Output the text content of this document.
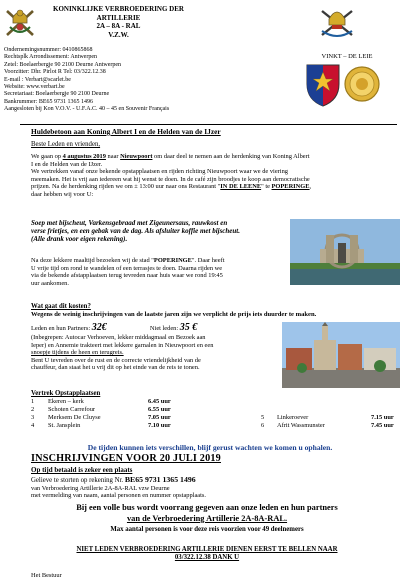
KONINKLIJKE VERBROEDERING DER ARTILLERIE
2A – 8A - RAL
V.Z.W.
Ondernemingsnummer: 0410865868
Rechtsplk Arrondissement: Antwerpen
Zetel: Boelaerbergje 90 2100 Deurne Antwerpen
Voorzitter: Dhr. Pirlot R Tel: 03/322.12.38
E-mail : Verbart@scarlet.be
Website: www.verbart.be
Secretariaat: Boelaerbergje 90 2100 Deurne
Bankrummer: BE65 9731 1365 1496
Aangesloten bij Kon V.O.V. - U.F.A.C. 40 – 45 en Souvenir Français
VINKT – DE LEIE
Huldebetoon aan Koning Albert I en de Helden van de IJzer
Beste Leden en vrienden,
We gaan op 4 augustus 2019 naar Nieuwpoort om daar deel te nemen aan de herdenking van Koning Albert
I en de Helden van de IJzer.
We vertrekken vanaf onze bekende opstapplaatsen en rijden richting Nieuwpoort waar we de viering
meemaken. Het is vrij aan iedereen wat hij wenst te doen. In de café zijn broodjes te koop aan democratische
prijzen. Na de herdenking rijden we om ± 13:00 uur naar ons Restaurant "IN DE LEENE" te POPERINGE,
daar hebben wij voor U:
Soep met bijscheut, Varkensgebraad met Zigeunersaus, rauwkost en
verse frietjes, en een gebak van de dag. Als afsluiter koffie met bijscheut.
(Alle drank voor eigen rekening).
Na deze lekkere maaltijd bezoeken wij de stad "POPERINGE". Daar heeft
U vrije tijd om rond te wandelen of een terrasjes te doen. Daarna rijden we
via de bekende afstapplaatsen terug tevreden naar huis waar we rond 19:45
uur aankomen.
Wat gaat dit kosten?
Wegens de weinig inschrijvingen van de laatste jaren zijn we verplicht de prijs iets duurder te maken.
Leden en hun Partners: 32€	Niet leden: 35 €
(Inbegrepen: Autocar Verhoeven, lekker middagmaal en Bezoek aan
Ieper) en Annemie trakteert met lekkere garnalen in Nieuwpoort en een
snoepje tijdens de heen en terugreis.
Bent U tevreden over de rust en de correcte vriendelijkheid van de
chauffeur, dan staat het u vrij dit op het einde van de reis te tonen.
Vertrek Opstapplaatsen
1 Ekeren – kerk	6.45 uur
2 Schoten Carrefour	6.55 uur
3 Merksem De Cluyse	7.05 uur
4 St. Jansplein	7.10 uur
5 Linkeroever	7.15 uur
6 Afrit Wassmunster	7.45 uur
De tijden kunnen iets verschillen, blijf gerust wachten we komen u ophalen.
INSCHRIJVINGEN VOOR 20 JULI 2019
Op tijd betaald is zeker een plaats
Gelieve te storten op rekening Nr. BE65 9731 1365 1496
van Verbroedering Artillerie 2A-8A-RAL vzw Deurne
met vermelding van naam, aantal personen en nummer opstapplaats.
Bij een volle bus wordt voorrang gegeven aan onze leden en hun partners
van de Verbroedering Artillerie 2A-8A-RAL.
Max aantal personen is voor deze reis voorzien voor 49 deelnemers
NIET LEDEN VERBROEDERING ARTILLERIE DIENEN EERST TE BELLEN NAAR
03/322.12.38 DANK U
Het Bestuur
